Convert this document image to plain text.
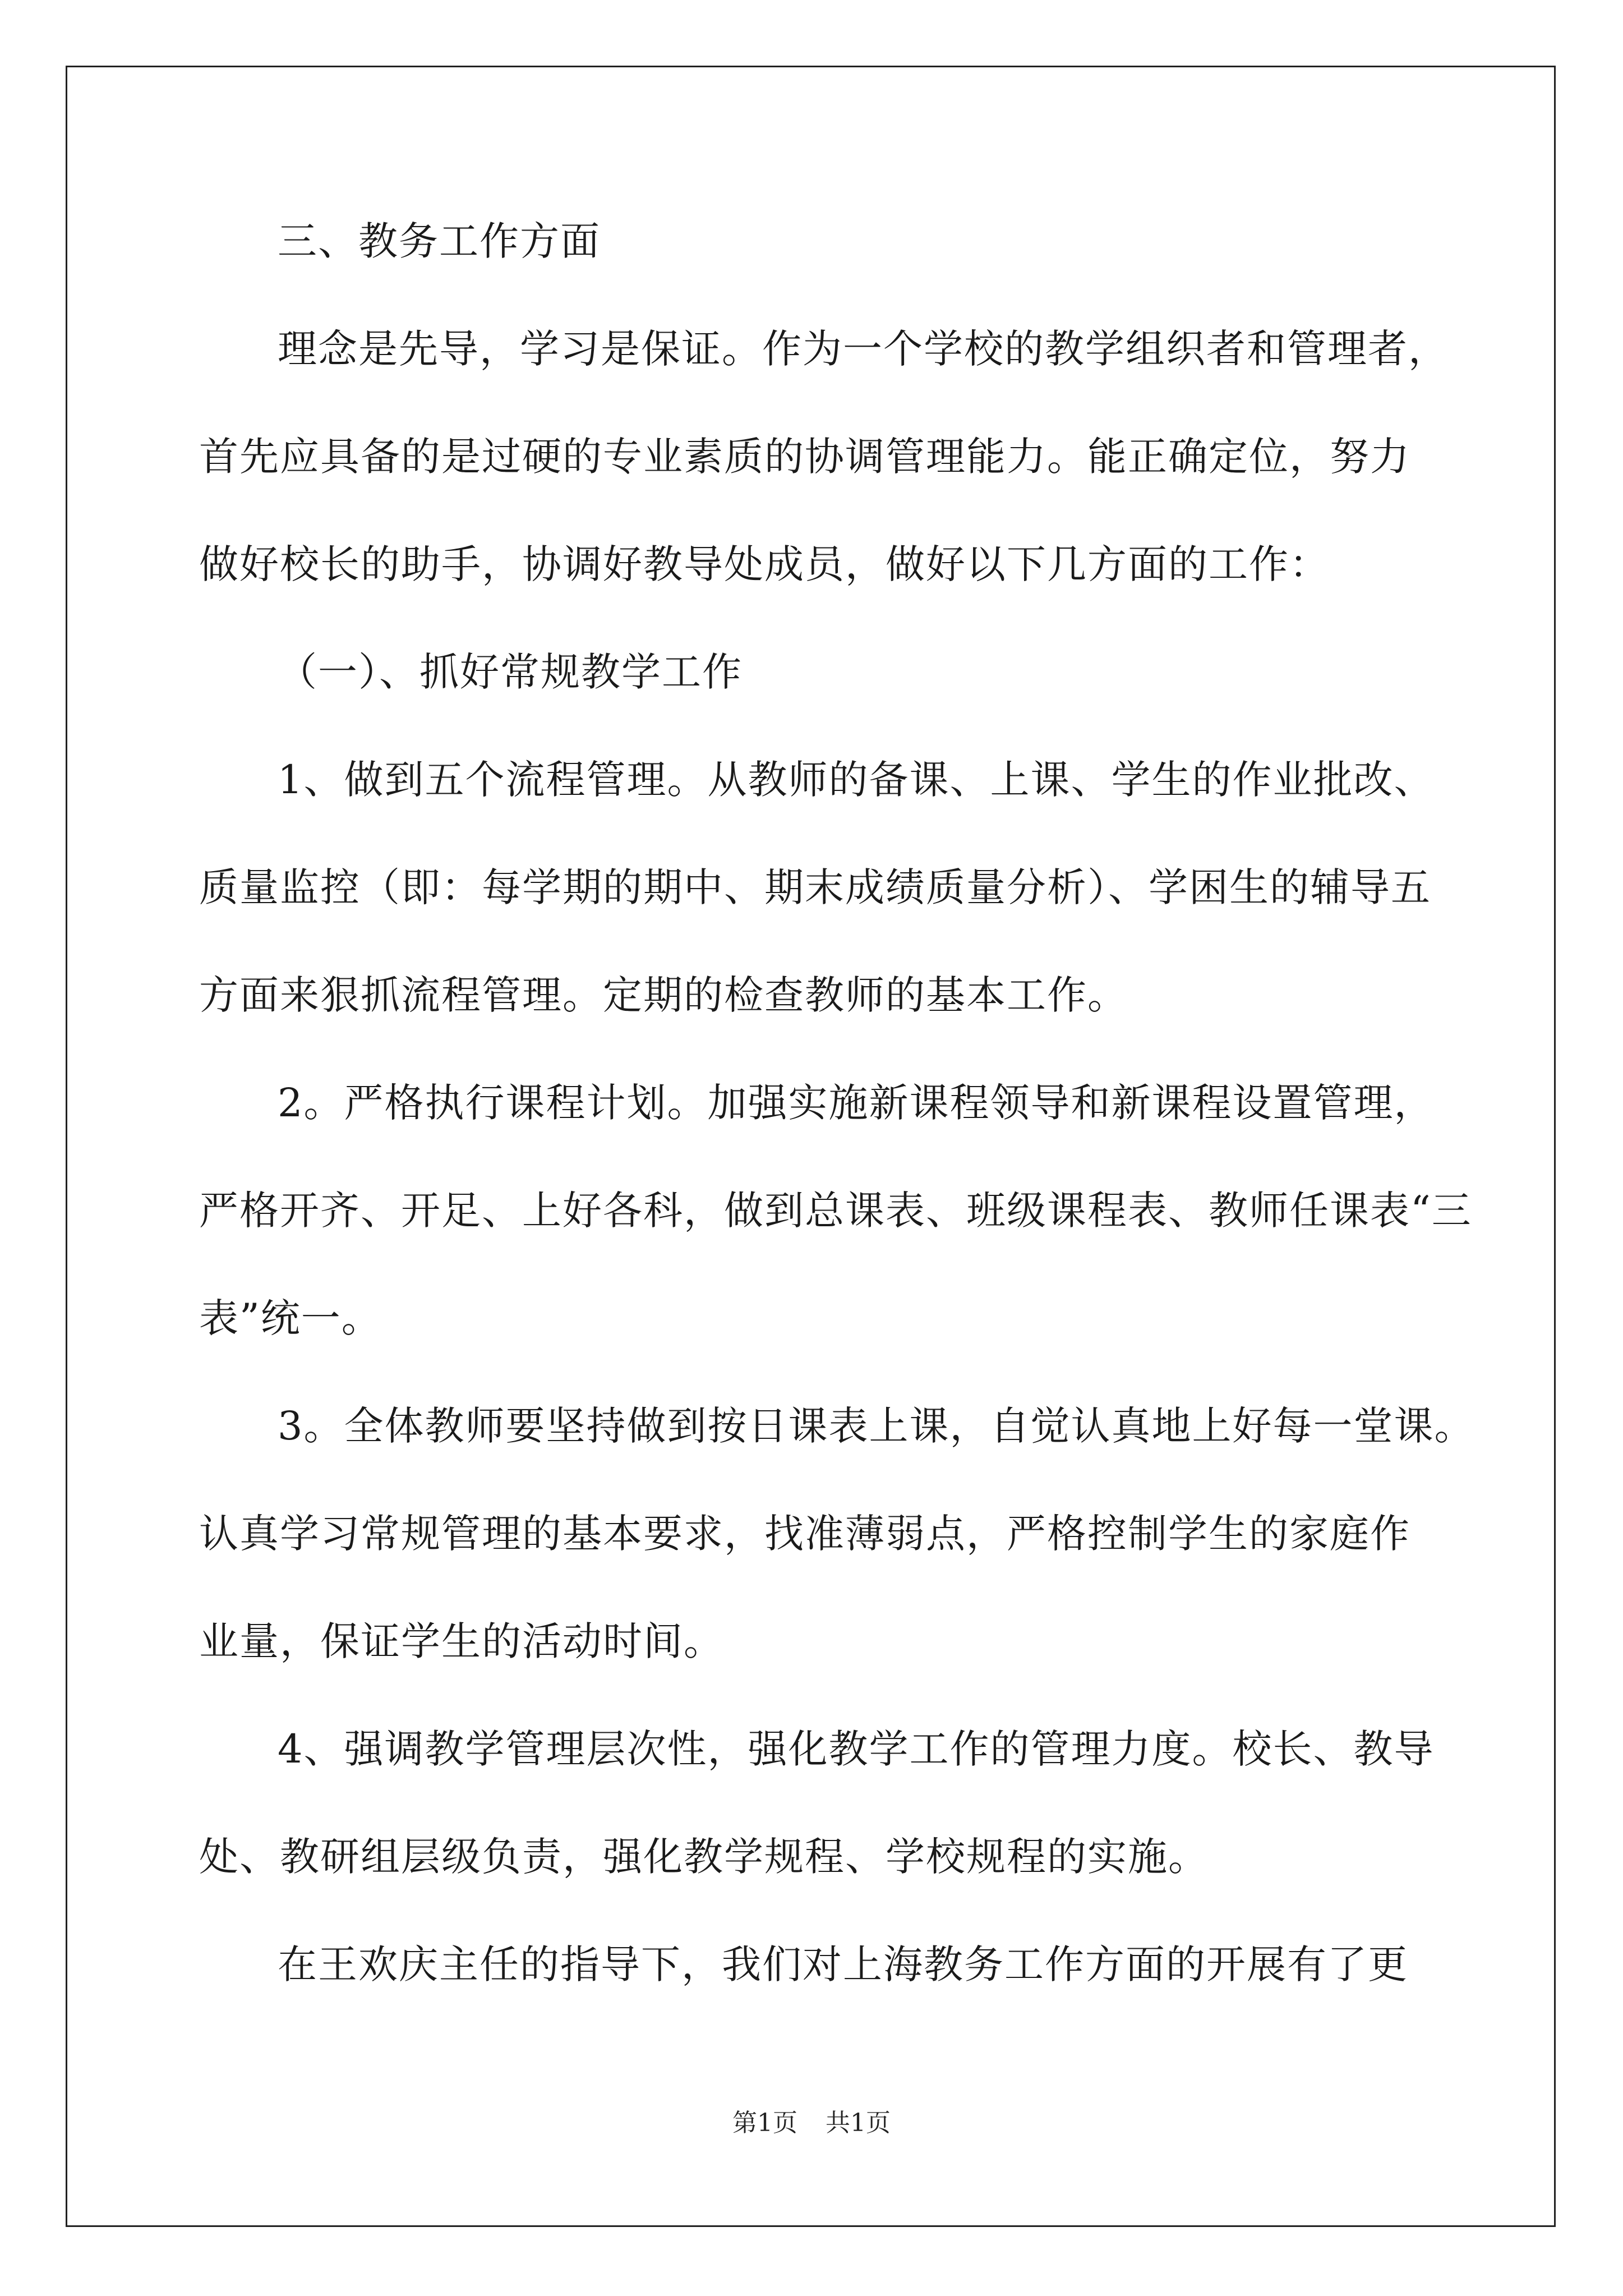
三、教务工作方面
理念是先导，学习是保证。作为一个学校的教学组织者和管理者，
首先应具备的是过硬的专业素质的协调管理能力。能正确定位，努力
做好校长的助手，协调好教导处成员，做好以下几方面的工作：
（一）、抓好常规教学工作
1、做到五个流程管理。从教师的备课、上课、学生的作业批改、
质量监控（即：每学期的期中、期末成绩质量分析）、学困生的辅导五
方面来狠抓流程管理。定期的检查教师的基本工作。
2。严格执行课程计划。加强实施新课程领导和新课程设置管理，
严格开齐、开足、上好各科，做到总课表、班级课程表、教师任课表“三
表”统一。
3。全体教师要坚持做到按日课表上课，自觉认真地上好每一堂课。
认真学习常规管理的基本要求，找准薄弱点，严格控制学生的家庭作
业量，保证学生的活动时间。
4、强调教学管理层次性，强化教学工作的管理力度。校长、教导
处、教研组层级负责，强化教学规程、学校规程的实施。
在王欢庆主任的指导下，我们对上海教务工作方面的开展有了更
第1页 共1页
